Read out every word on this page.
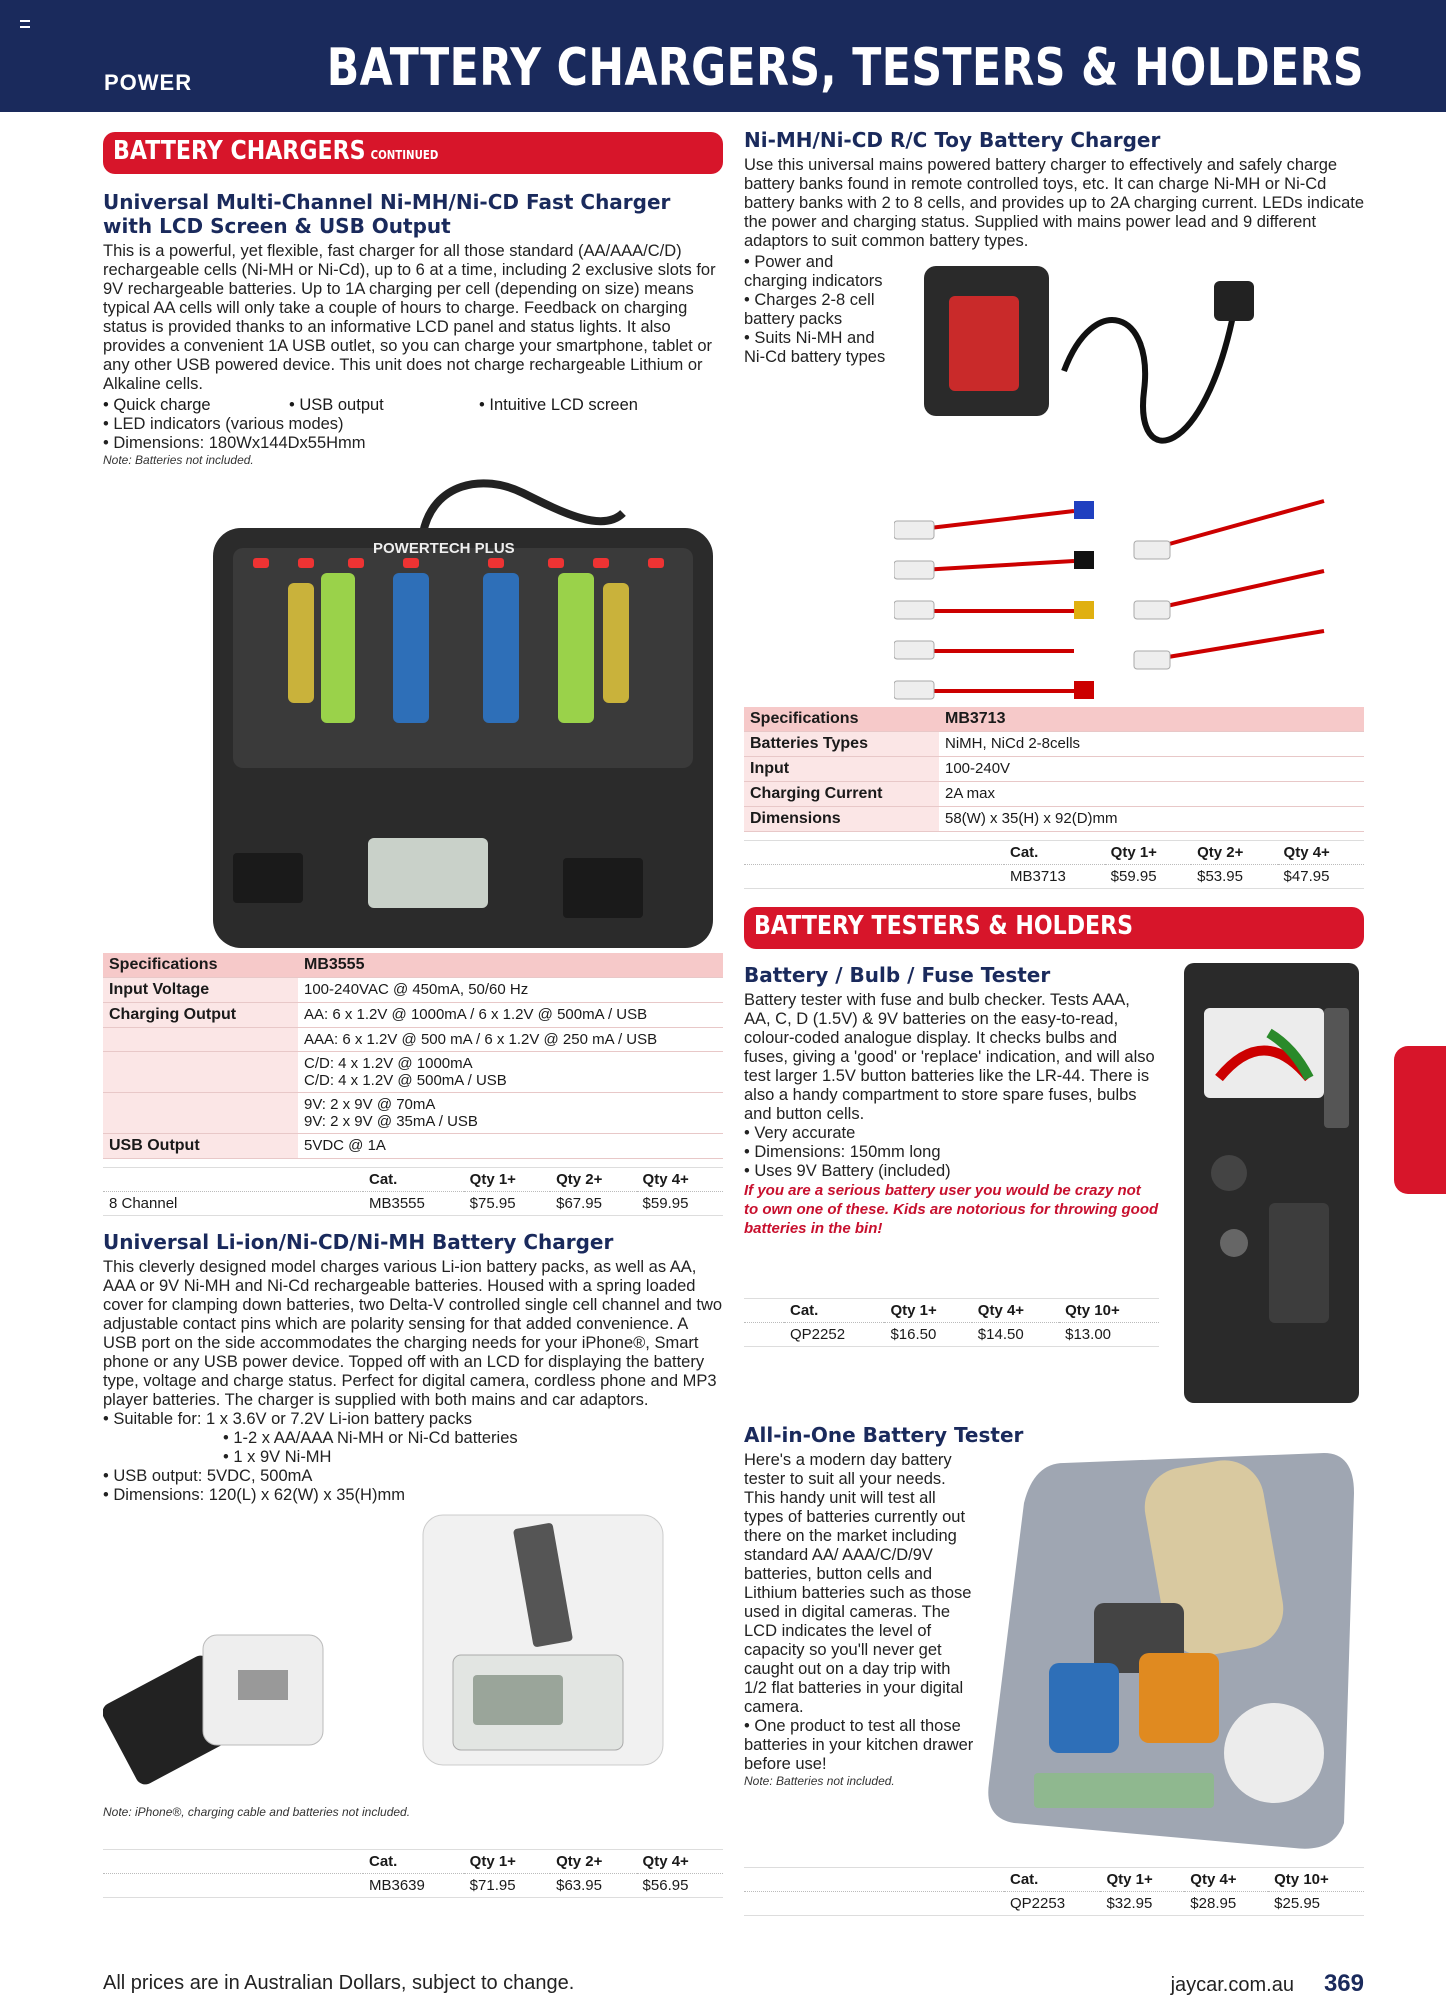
POWER	BATTERY CHARGERS, TESTERS & HOLDERS
BATTERY CHARGERS CONTINUED
Universal Multi-Channel Ni-MH/Ni-CD Fast Charger
with LCD Screen & USB Output

This is a powerful, yet flexible, fast charger for all those standard (AA/AAA/C/D) rechargeable cells (Ni-MH or Ni-Cd), up to 6 at a time, including 2 exclusive slots for 9V rechargeable batteries. Up to 1A charging per cell (depending on size) means typical AA cells will only take a couple of hours to charge. Feedback on charging status is provided thanks to an informative LCD panel and status lights. It also provides a convenient 1A USB outlet, so you can charge your smartphone, tablet or any other USB powered device. This unit does not charge rechargeable Lithium or Alkaline cells.

• Quick charge	• USB output	• Intuitive LCD screen
• LED indicators (various modes)
• Dimensions: 180Wx144Dx55Hmm
Note: Batteries not included.
POWERTECH PLUS
Specifications	MB3555
Input Voltage	100-240VAC @ 450mA, 50/60 Hz
Charging Output	AA: 6 x 1.2V @ 1000mA / 6 x 1.2V @ 500mA / USB
	AAA: 6 x 1.2V @ 500 mA / 6 x 1.2V @ 250 mA / USB

	C/D: 4 x 1.2V @ 1000mA
C/D: 4 x 1.2V @ 500mA / USB

	9V: 2 x 9V @ 70mA
9V: 2 x 9V @ 35mA / USB

USB Output	5VDC @ 1A
	Cat.	Qty 1+	Qty 2+	Qty 4+
8 Channel	MB3555	$75.95	$67.95	$59.95
Universal Li-ion/Ni-CD/Ni-MH Battery Charger

This cleverly designed model charges various Li-ion battery packs, as well as AA, AAA or 9V Ni-MH and Ni-Cd rechargeable batteries. Housed with a spring loaded cover for clamping down batteries, two Delta-V controlled single cell channel and two adjustable contact pins which are polarity sensing for that added convenience. A USB port on the side accommodates the charging needs for your iPhone®, Smart phone or any USB power device. Topped off with an LCD for displaying the battery type, voltage and charge status. Perfect for digital camera, cordless phone and MP3 player batteries. The charger is supplied with both mains and car adaptors.

• Suitable for: 1 x 3.6V or 7.2V Li-ion battery packs
• 1-2 x AA/AAA Ni-MH or Ni-Cd batteries
• 1 x 9V Ni-MH
• USB output: 5VDC, 500mA
• Dimensions: 120(L) x 62(W) x 35(H)mm
Note: iPhone®, charging cable and batteries not included.
	Cat.	Qty 1+	Qty 2+	Qty 4+
	MB3639	$71.95	$63.95	$56.95
Ni-MH/Ni-CD R/C Toy Battery Charger

Use this universal mains powered battery charger to effectively and safely charge battery banks found in remote controlled toys, etc. It can charge Ni-MH or Ni-Cd battery banks with 2 to 8 cells, and provides up to 2A charging current. LEDs indicate the power and charging status. Supplied with mains power lead and 9 different adaptors to suit common battery types.

• Power and charging indicators
• Charges 2-8 cell battery packs
• Suits Ni-MH and Ni-Cd battery types
Specifications	MB3713
Batteries Types	NiMH, NiCd 2-8cells
Input	100-240V
Charging Current	2A max
Dimensions	58(W) x 35(H) x 92(D)mm
	Cat.	Qty 1+	Qty 2+	Qty 4+
	MB3713	$59.95	$53.95	$47.95
BATTERY TESTERS & HOLDERS
Battery / Bulb / Fuse Tester

Battery tester with fuse and bulb checker. Tests AAA, AA, C, D (1.5V) & 9V batteries on the easy-to-read, colour-coded analogue display. It checks bulbs and fuses, giving a 'good' or 'replace' indication, and will also test larger 1.5V button batteries like the LR-44. There is also a handy compartment to store spare fuses, bulbs and button cells.

• Very accurate
• Dimensions: 150mm long
• Uses 9V Battery (included)
If you are a serious battery user you would be crazy not to own one of these. Kids are notorious for throwing good batteries in the bin!
	Cat.	Qty 1+	Qty 4+	Qty 10+
	QP2252	$16.50	$14.50	$13.00
All-in-One Battery Tester

Here's a modern day battery tester to suit all your needs. This handy unit will test all types of batteries currently out there on the market including standard AA/ AAA/C/D/9V batteries, button cells and Lithium batteries such as those used in digital cameras. The LCD indicates the level of capacity so you'll never get caught out on a day trip with 1/2 flat batteries in your digital camera.

• One product to test all those batteries in your kitchen drawer before use!
Note: Batteries not included.
	Cat.	Qty 1+	Qty 4+	Qty 10+
	QP2253	$32.95	$28.95	$25.95
All prices are in Australian Dollars, subject to change.	jaycar.com.au 369
